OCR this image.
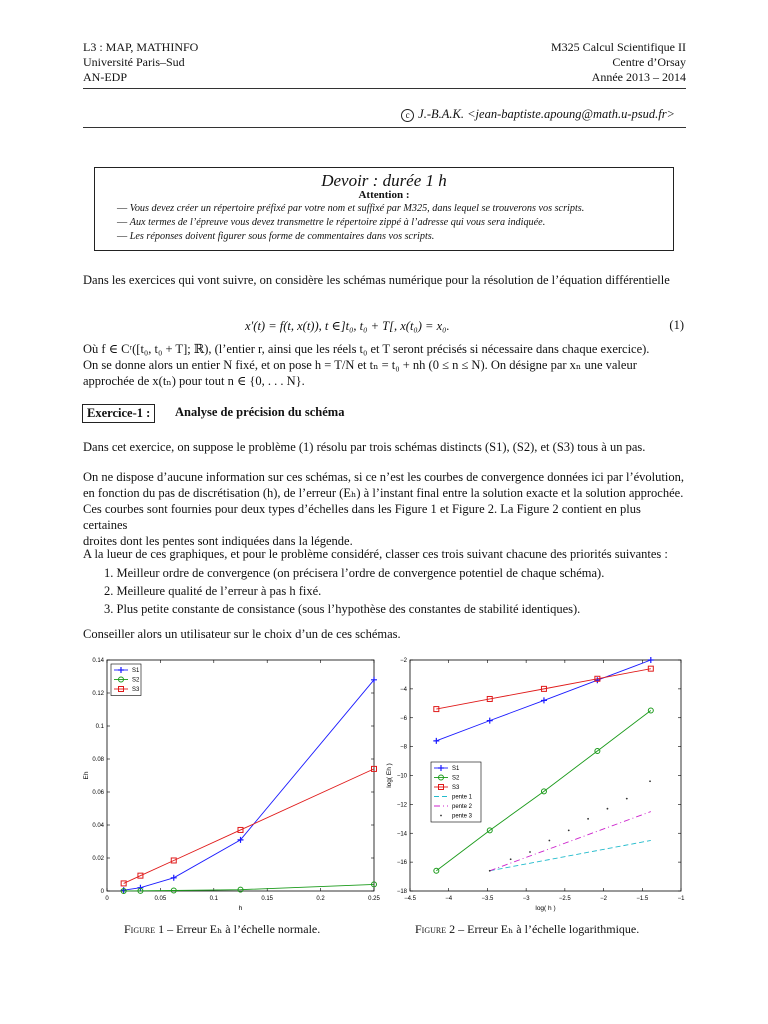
L3 : MAP, MATHINFO
Université Paris–Sud
AN-EDP
M325 Calcul Scientifique II
Centre d’Orsay
Année 2013 – 2014
c J.-B.A.K. <jean-baptiste.apoung@math.u-psud.fr>
Devoir : durée 1 h
Attention :
— Vous devez créer un répertoire préfixé par votre nom et suffixé par M325, dans lequel se trouverons vos scripts.
— Aux termes de l’épreuve vous devez transmettre le répertoire zippé à l’adresse qui vous sera indiquée.
— Les réponses doivent figurer sous forme de commentaires dans vos scripts.
Dans les exercices qui vont suivre, on considère les schémas numérique pour la résolution de l’équation différentielle
x′(t) = f(t, x(t)), t ∈]t₀, t₀ + T[, x(t₀) = x₀.	(1)
Où f ∈ Cʳ([t₀, t₀ + T]; ℝ), (l’entier r, ainsi que les réels t₀ et T seront précisés si nécessaire dans chaque exercice).
On se donne alors un entier N fixé, et on pose h = T/N et tₙ = t₀ + nh (0 ≤ n ≤ N). On désigne par xₙ une valeur
approchée de x(tₙ) pour tout n ∈ {0, . . . N}.
Exercice-1 :	Analyse de précision du schéma
Dans cet exercice, on suppose le problème (1) résolu par trois schémas distincts (S1), (S2), et (S3) tous à un pas.
On ne dispose d’aucune information sur ces schémas, si ce n’est les courbes de convergence données ici par l’évolution,
en fonction du pas de discrétisation (h), de l’erreur (Eₕ) à l’instant final entre la solution exacte et la solution approchée.
Ces courbes sont fournies pour deux types d’échelles dans les Figure 1 et Figure 2. La Figure 2 contient en plus certaines
droites dont les pentes sont indiquées dans la légende.
A la lueur de ces graphiques, et pour le problème considéré, classer ces trois suivant chacune des priorités suivantes :
1. Meilleur ordre de convergence (on précisera l’ordre de convergence potentiel de chaque schéma).
2. Meilleure qualité de l’erreur à pas h fixé.
3. Plus petite constante de consistance (sous l’hypothèse des constantes de stabilité identiques).
Conseiller alors un utilisateur sur le choix d’un de ces schémas.
0	0.05	0.1	0.15	0.2	0.25
0
0.02
0.04
0.06
0.08
0.1
0.12
0.14
h
Eh
S1
S2
S3
−4.5	−4	−3.5	−3	−2.5	−2	−1.5	−1
−18
−16
−14
−12
−10
−8
−6
−4
−2
log( h )
log( Eh )	S1
S2
S3
pente 1
pente 2
pente 3
Figure 1 – Erreur Eₕ à l’échelle normale.	Figure 2 – Erreur Eₕ à l’échelle logarithmique.
